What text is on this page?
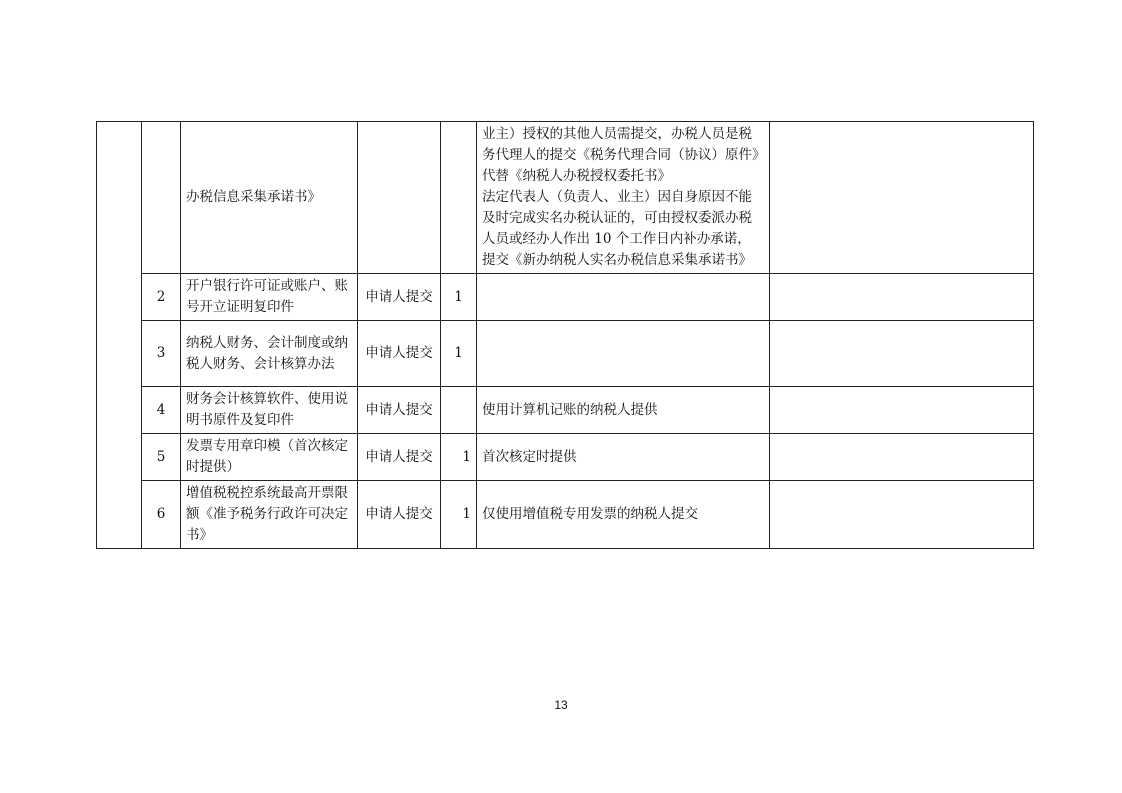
		办税信息采集承诺书》			业主）授权的其他人员需提交，办税人员是税务代理人的提交《税务代理合同（协议）原件》代替《纳税人办税授权委托书》
法定代表人（负责人、业主）因自身原因不能及时完成实名办税认证的，可由授权委派办税人员或经办人作出 10 个工作日内补办承诺，提交《新办纳税人实名办税信息采集承诺书》	

	2	开户银行许可证或账户、账号开立证明复印件	申请人提交	1		
	3	纳税人财务、会计制度或纳税人财务、会计核算办法	申请人提交	1		
	4	财务会计核算软件、使用说明书原件及复印件	申请人提交		使用计算机记账的纳税人提供	
	5	发票专用章印模（首次核定时提供）	申请人提交	1	首次核定时提供	
	6	增值税税控系统最高开票限额《准予税务行政许可决定书》	申请人提交	1	仅使用增值税专用发票的纳税人提交	
13
